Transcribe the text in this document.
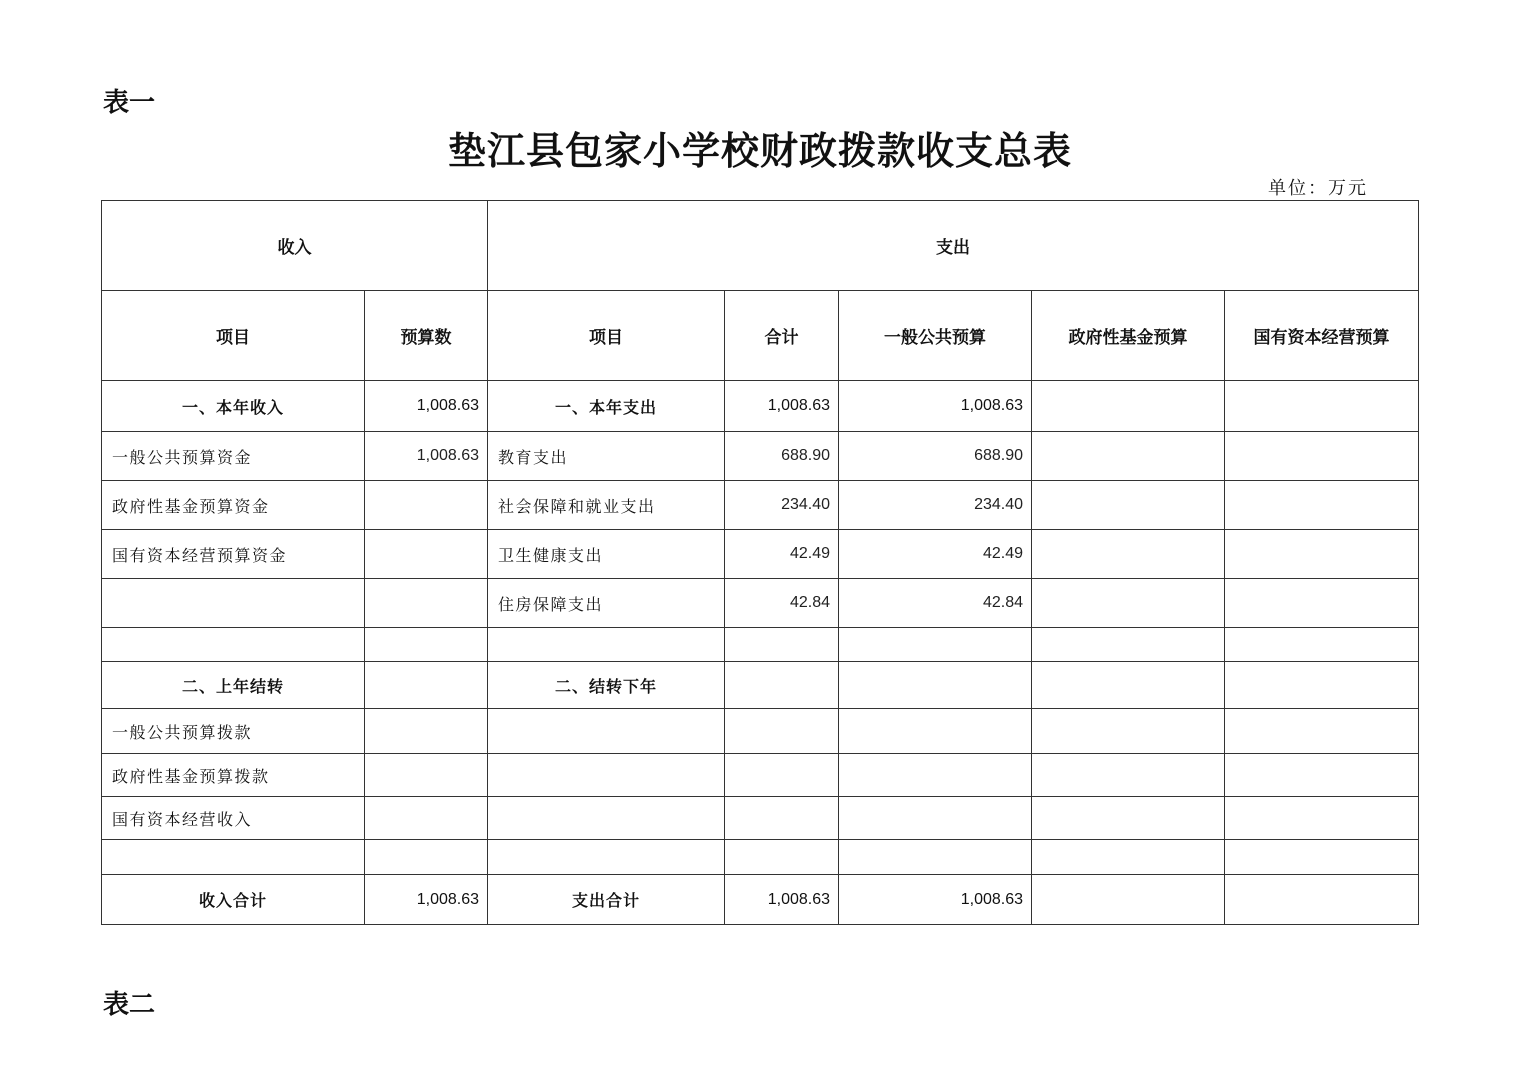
表一
垫江县包家小学校财政拨款收支总表
单位：万元
收入		支出				
项目	预算数	项目	合计	一般公共预算	政府性基金预算	国有资本经营预算
一、本年收入	1,008.63	一、本年支出	1,008.63	1,008.63		
一般公共预算资金	1,008.63	教育支出	688.90	688.90		
政府性基金预算资金		社会保障和就业支出	234.40	234.40		
国有资本经营预算资金		卫生健康支出	42.49	42.49		
		住房保障支出	42.84	42.84		

二、上年结转		二、结转下年				
一般公共预算拨款						
政府性基金预算拨款						
国有资本经营收入						

收入合计	1,008.63	支出合计	1,008.63	1,008.63		
表二
